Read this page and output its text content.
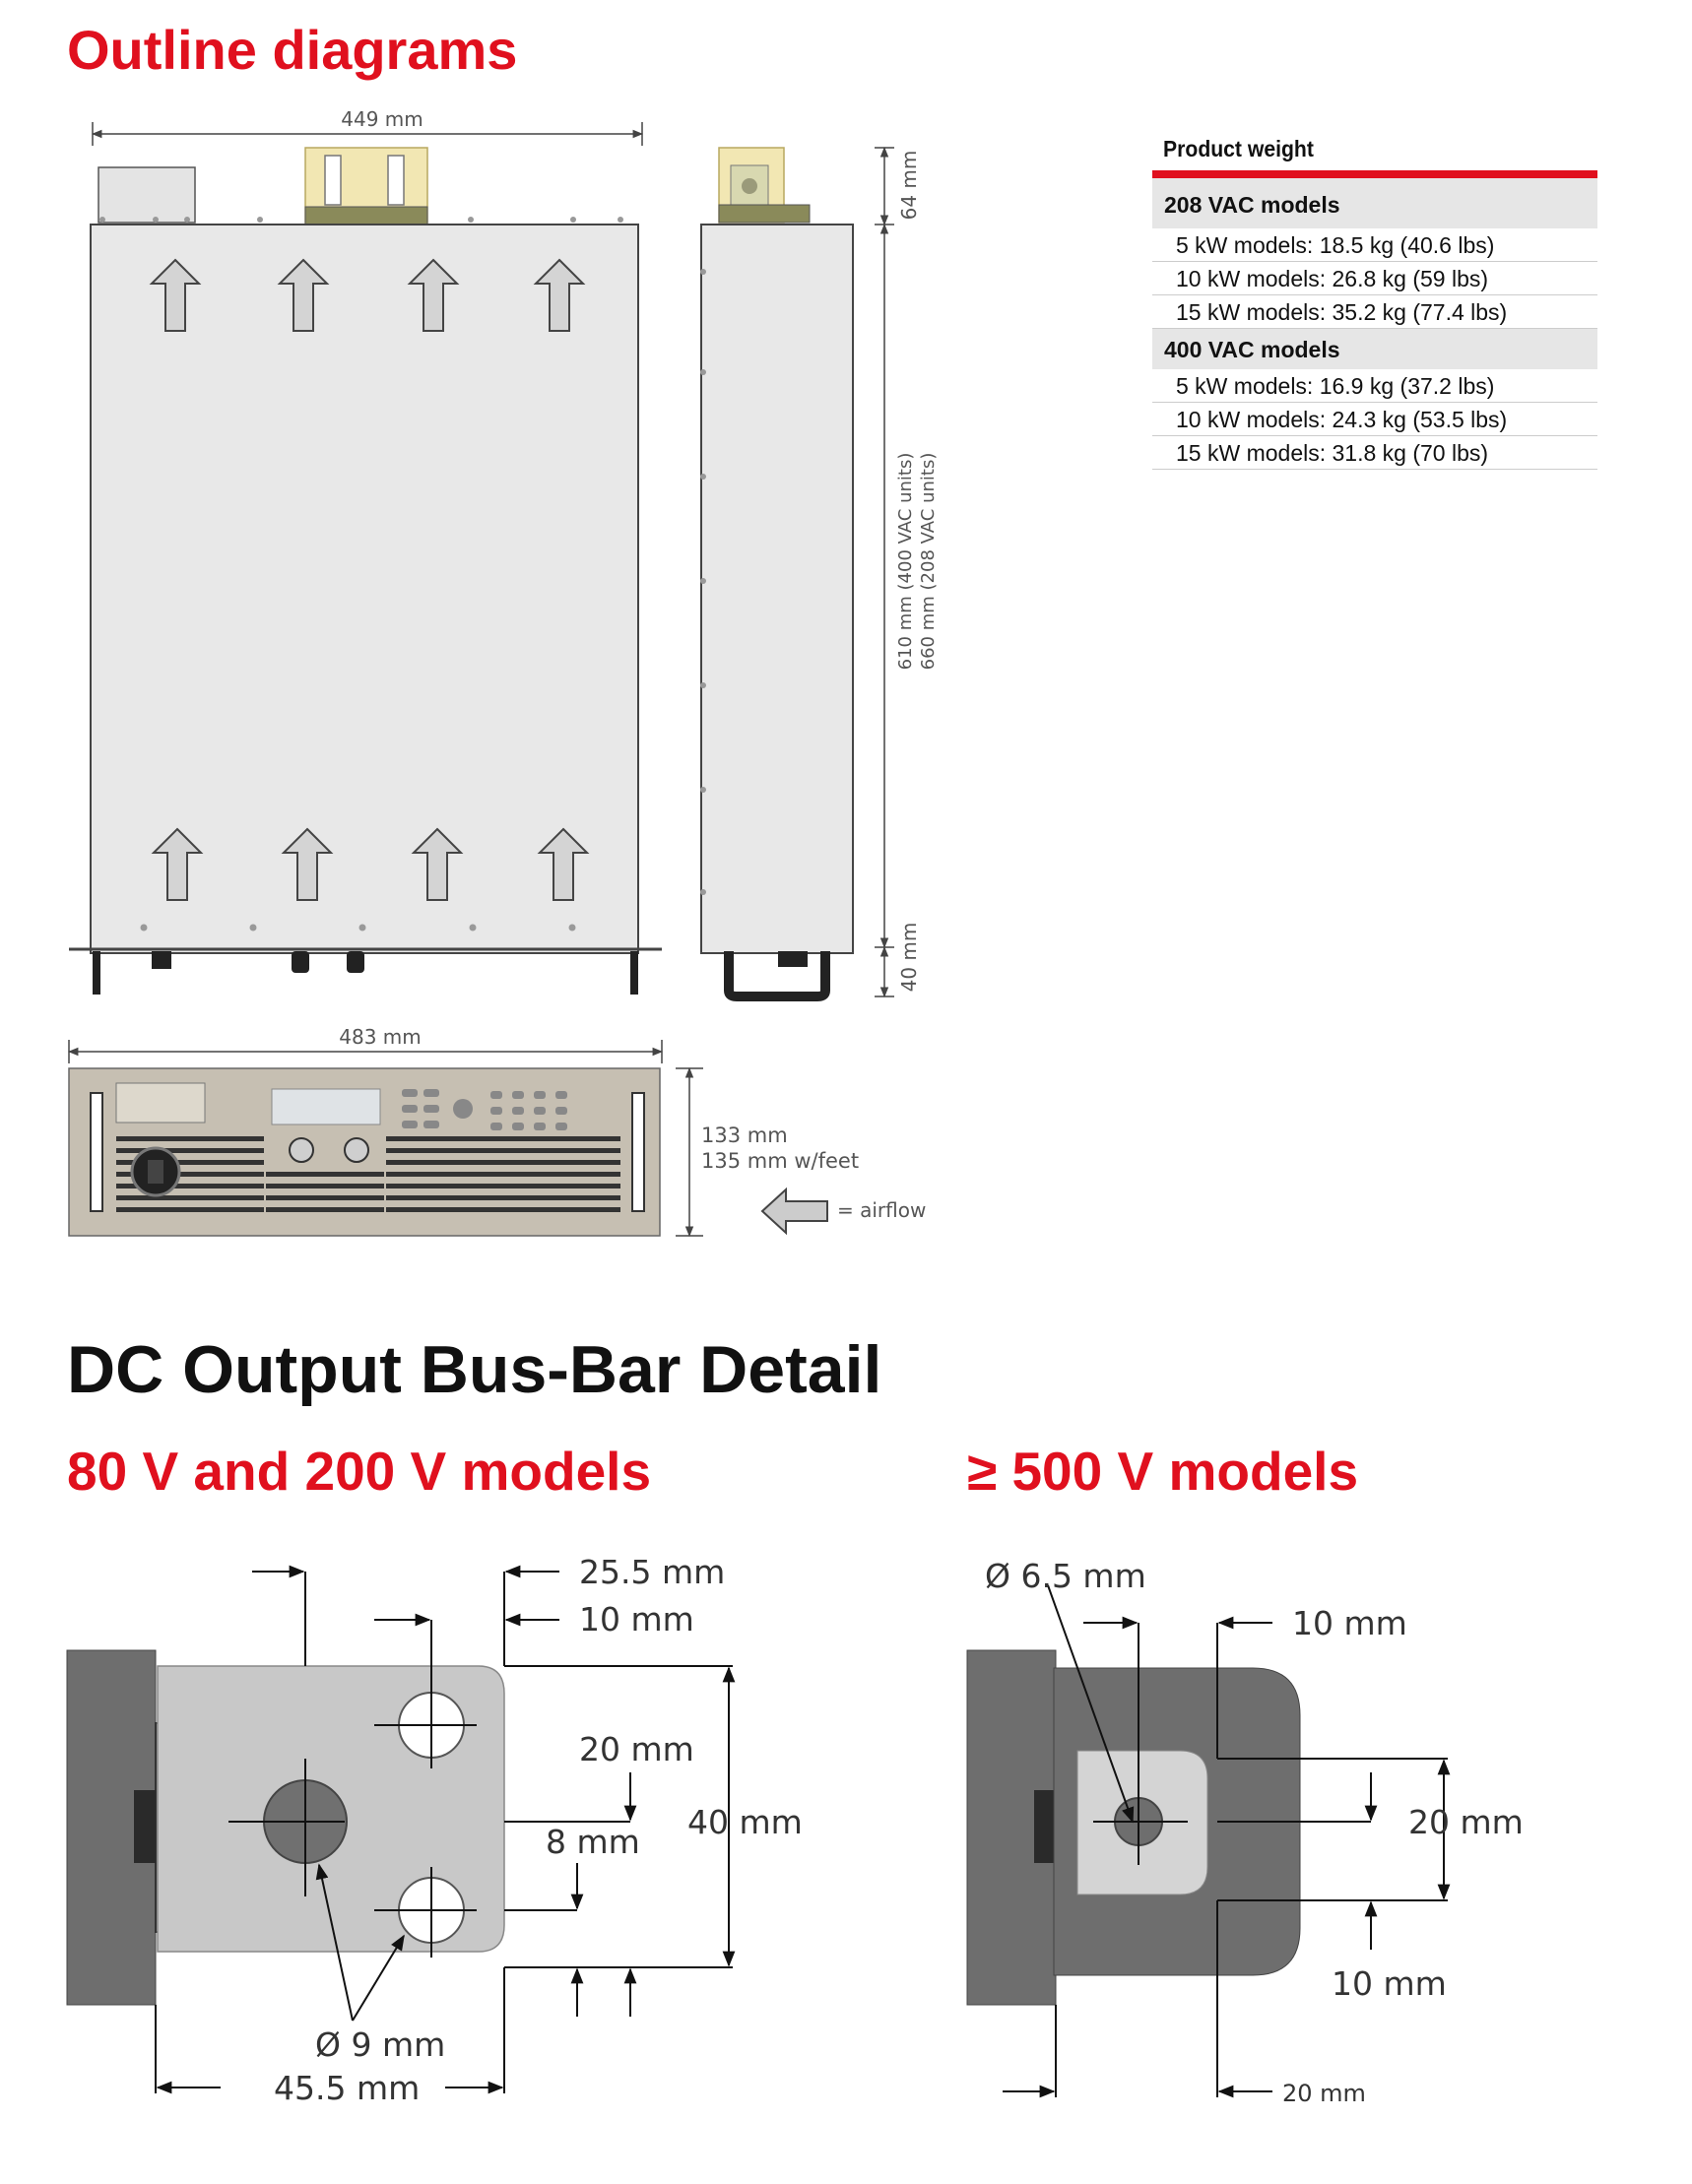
Outline diagrams
DC Output Bus-Bar Detail
80 V and 200 V models	≥ 500 V models
Product weight
208 VAC models
5 kW models: 18.5 kg (40.6 lbs)
10 kW models: 26.8 kg (59 lbs)
15 kW models: 35.2 kg (77.4 lbs)
400 VAC models
5 kW models: 16.9 kg (37.2 lbs)
10 kW models: 24.3 kg (53.5 lbs)
15 kW models: 31.8 kg (70 lbs)
449 mm
64 mm
40 mm
610 mm (400 VAC units) 660 mm (208 VAC units)
483 mm
133 mm
135 mm w/feet
= airflow
25.5 mm
10 mm
20 mm
40 mm
8 mm
Ø 9 mm
45.5 mm
Ø 6.5 mm
10 mm
20 mm
10 mm
20 mm
